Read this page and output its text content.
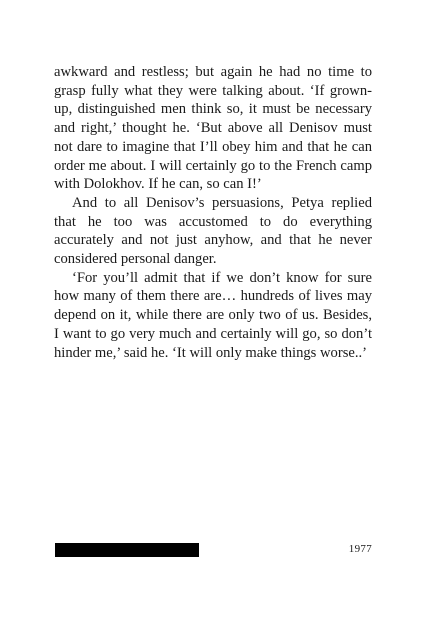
awkward and restless; but again he had no time to grasp fully what they were talking about. ‘If grown-up, distinguished men think so, it must be necessary and right,’ thought he. ‘But above all Denisov must not dare to imagine that I’ll obey him and that he can order me about. I will certainly go to the French camp with Dolokhov. If he can, so can I!’

And to all Denisov’s persuasions, Petya replied that he too was accustomed to do everything accurately and not just anyhow, and that he never considered personal danger.

‘For you’ll admit that if we don’t know for sure how many of them there are… hundreds of lives may depend on it, while there are only two of us. Besides, I want to go very much and certainly will go, so don’t hinder me,’ said he. ‘It will only make things worse..’

1977
